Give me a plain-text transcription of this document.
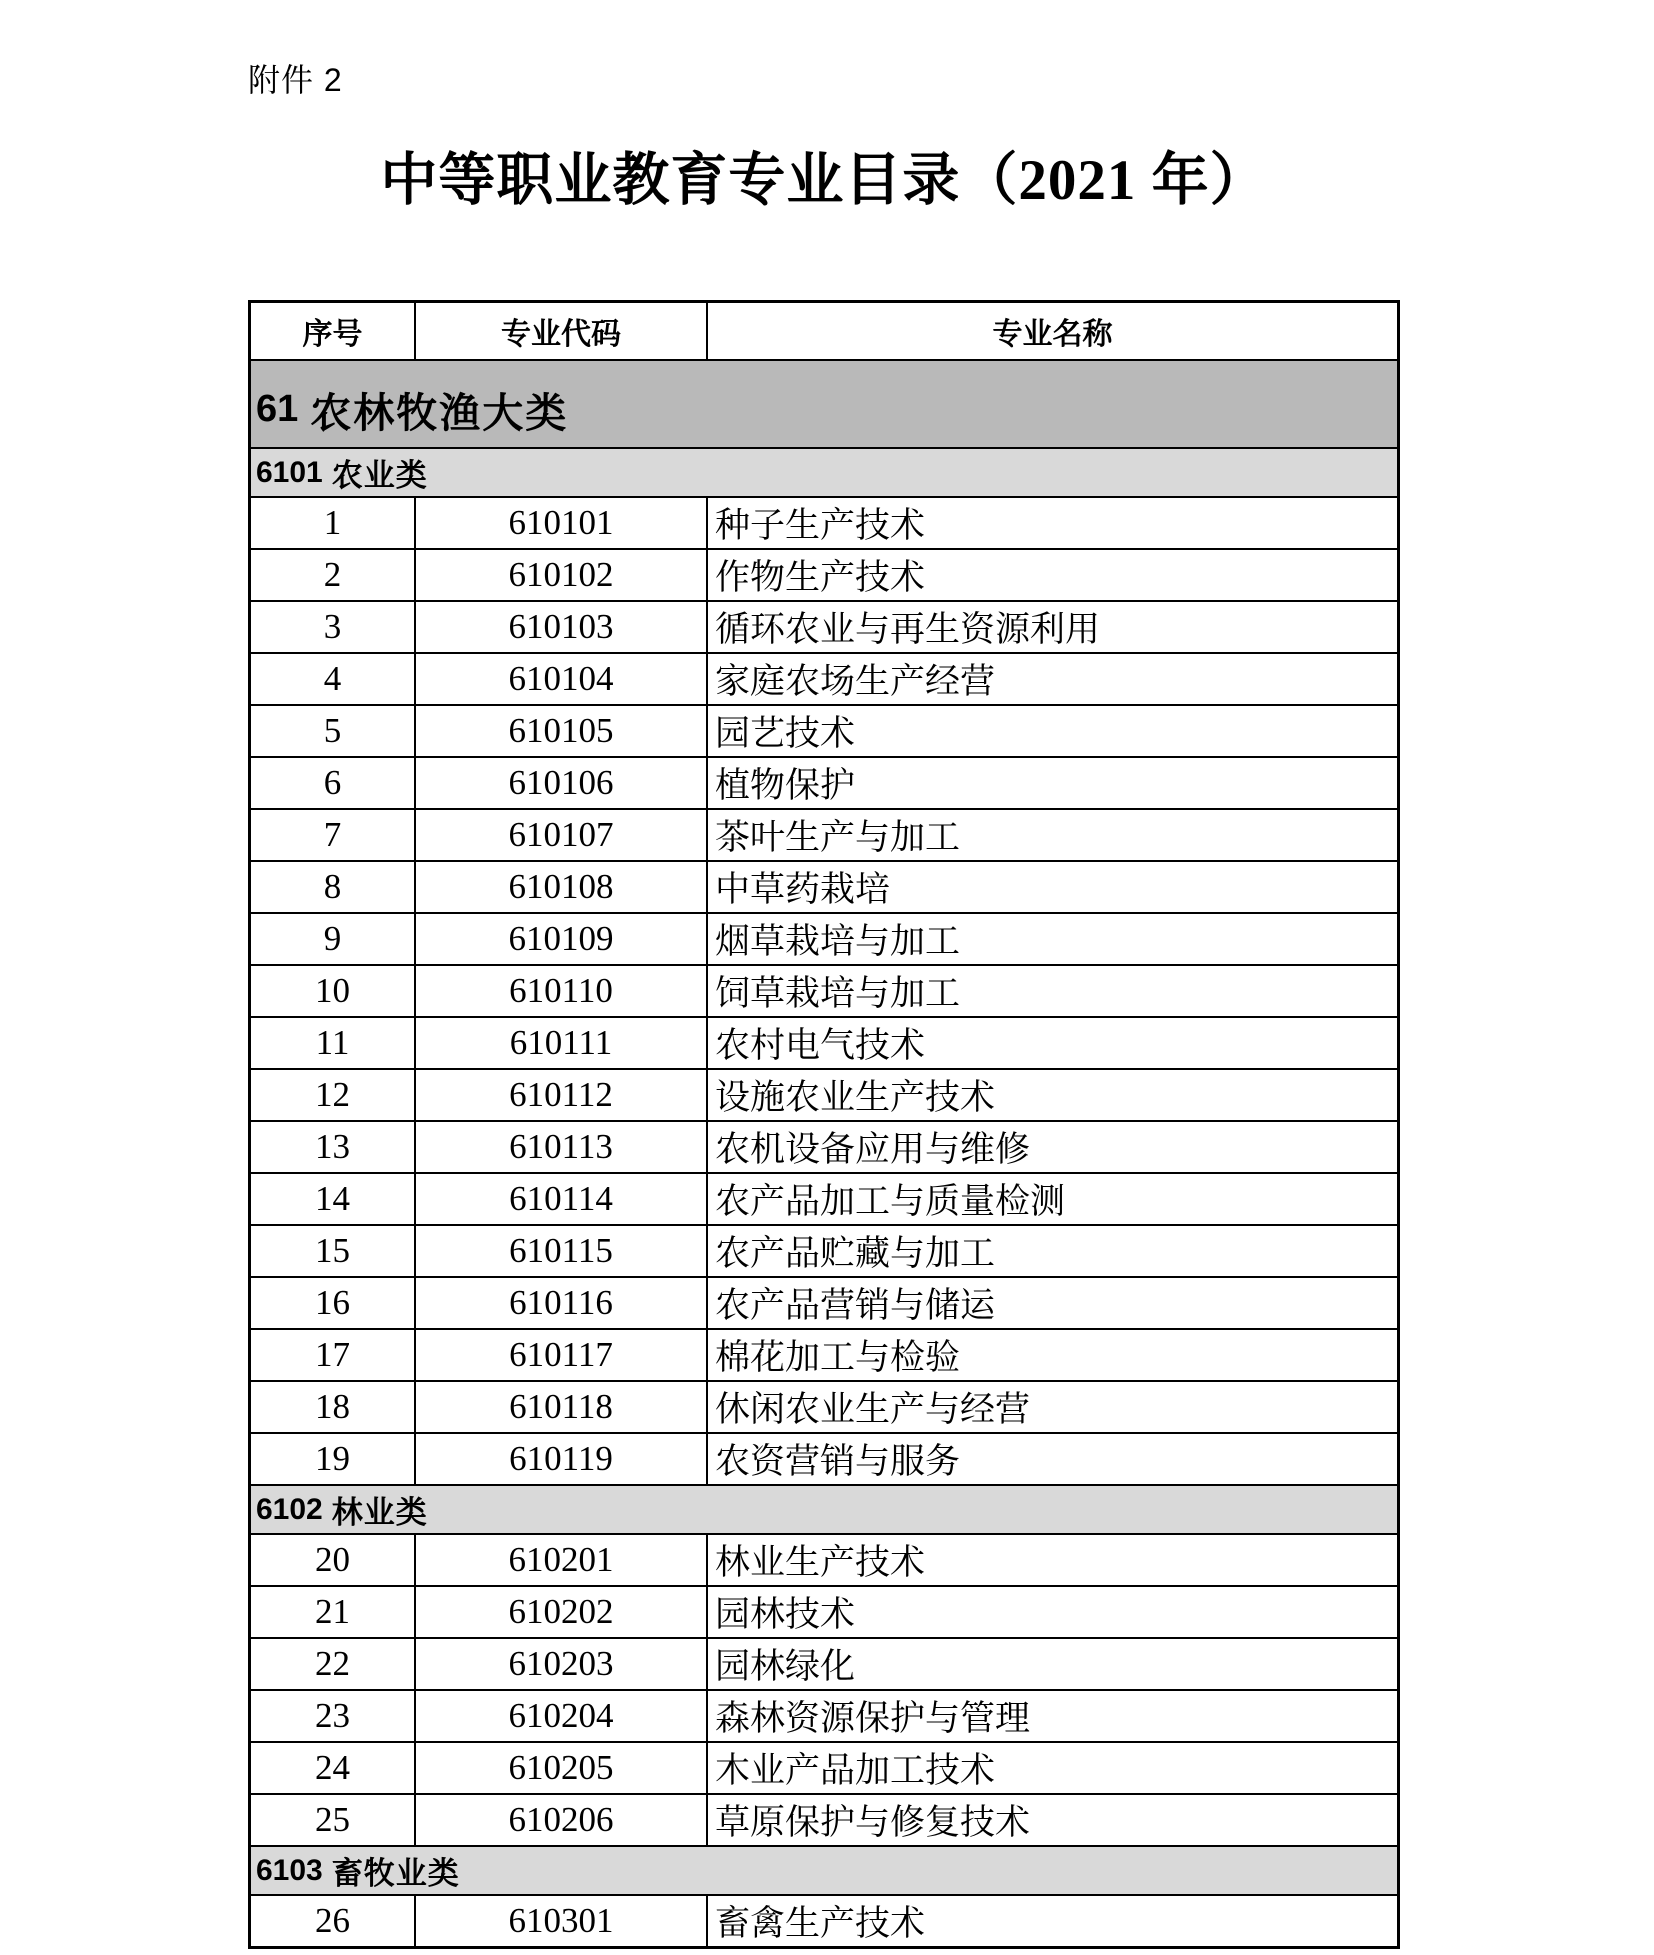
附件 2
中等职业教育专业目录（2021 年）
序号	专业代码	专业名称
61 农林牧渔大类
6101 农业类
1	610101	种子生产技术
2	610102	作物生产技术
3	610103	循环农业与再生资源利用
4	610104	家庭农场生产经营
5	610105	园艺技术
6	610106	植物保护
7	610107	茶叶生产与加工
8	610108	中草药栽培
9	610109	烟草栽培与加工
10	610110	饲草栽培与加工
11	610111	农村电气技术
12	610112	设施农业生产技术
13	610113	农机设备应用与维修
14	610114	农产品加工与质量检测
15	610115	农产品贮藏与加工
16	610116	农产品营销与储运
17	610117	棉花加工与检验
18	610118	休闲农业生产与经营
19	610119	农资营销与服务
6102 林业类
20	610201	林业生产技术
21	610202	园林技术
22	610203	园林绿化
23	610204	森林资源保护与管理
24	610205	木业产品加工技术
25	610206	草原保护与修复技术
6103 畜牧业类
26	610301	畜禽生产技术
